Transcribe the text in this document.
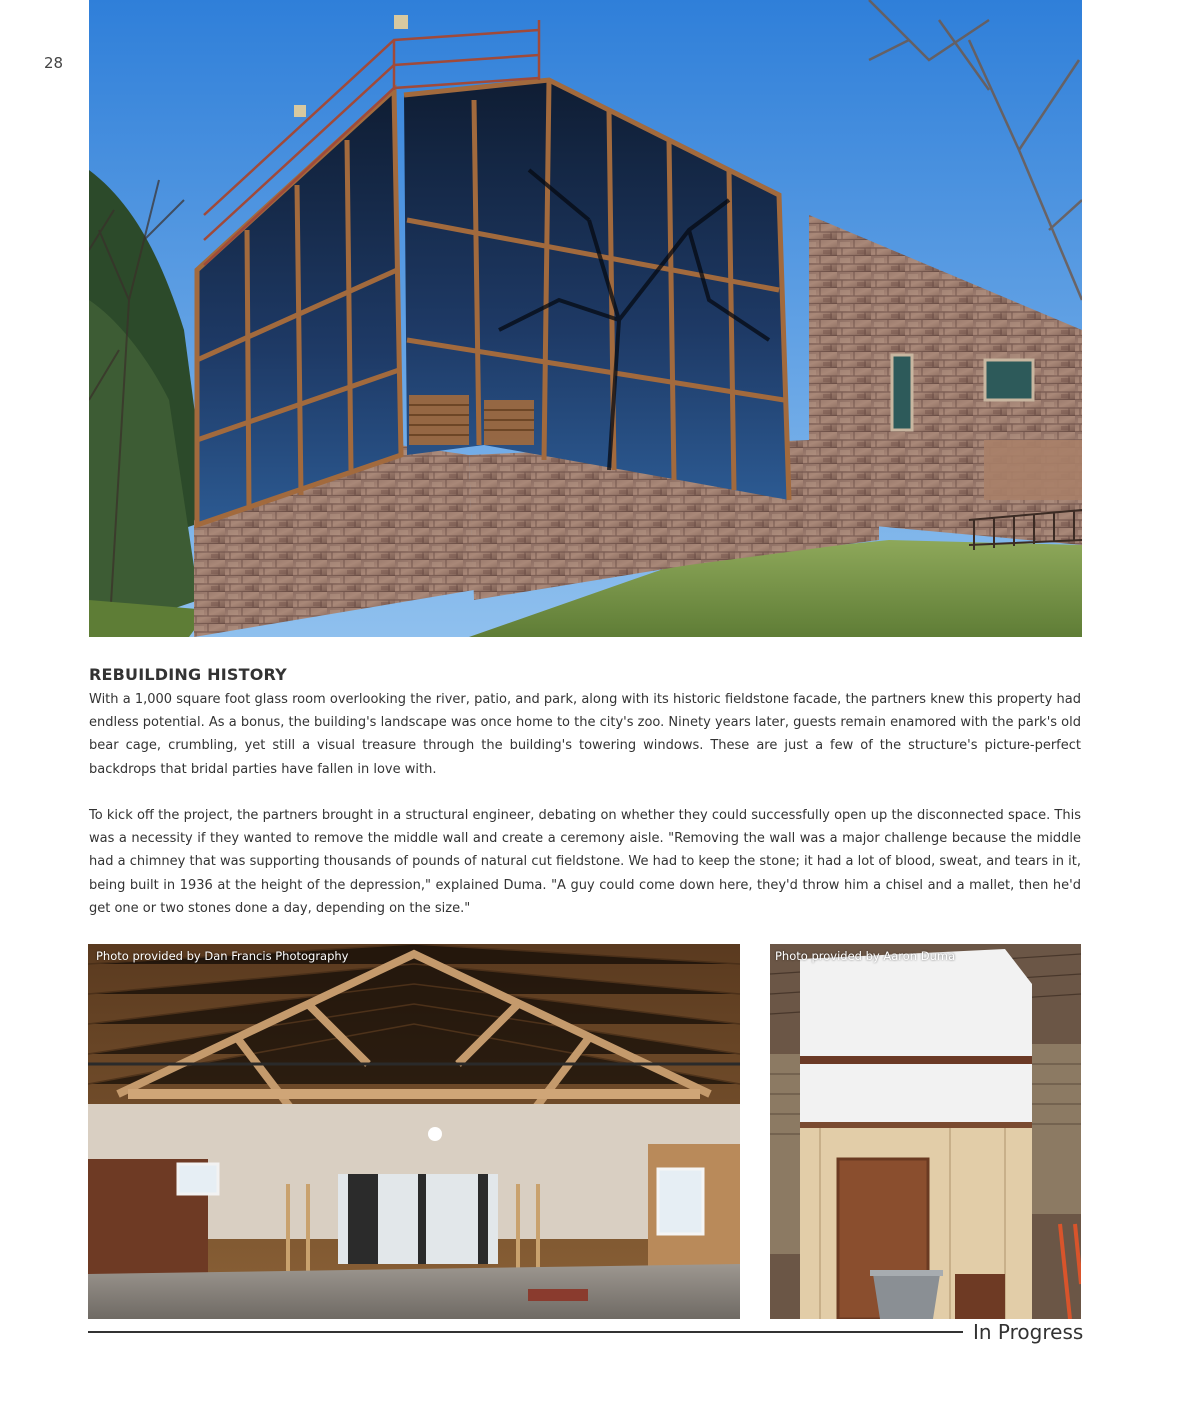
28
REBUILDING HISTORY

With a 1,000 square foot glass room overlooking the river, patio, and park, along with its historic fieldstone facade, the partners knew this property had endless potential. As a bonus, the building's landscape was once home to the city's zoo. Ninety years later, guests remain enamored with the park's old bear cage, crumbling, yet still a visual treasure through the building's towering windows. These are just a few of the structure's picture-perfect backdrops that bridal parties have fallen in love with.

To kick off the project, the partners brought in a structural engineer, debating on whether they could successfully open up the disconnected space. This was a necessity if they wanted to remove the middle wall and create a ceremony aisle. "Removing the wall was a major challenge because the middle had a chimney that was supporting thousands of pounds of natural cut fieldstone. We had to keep the stone; it had a lot of blood, sweat, and tears in it, being built in 1936 at the height of the depression," explained Duma. "A guy could come down here, they'd throw him a chisel and a mallet, then he'd get one or two stones done a day, depending on the size."

Photo provided by Dan Francis Photography	Photo provided by Aaron Duma
In Progress
